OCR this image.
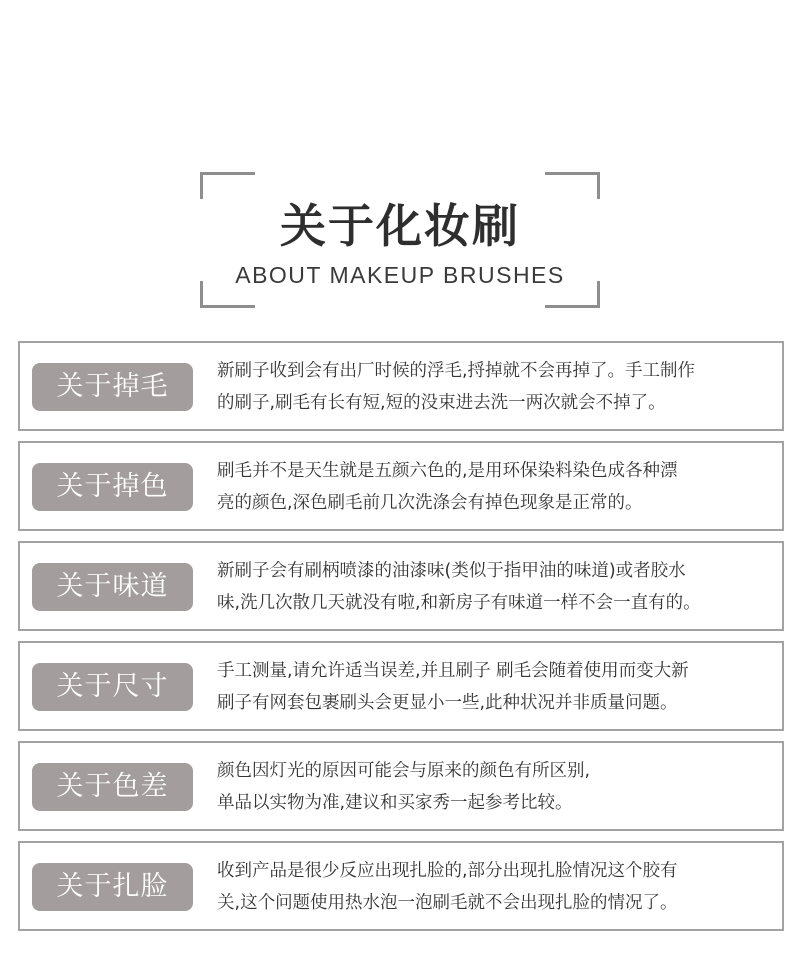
关于化妆刷
ABOUT MAKEUP BRUSHES
关于掉毛	新刷子收到会有出厂时候的浮毛,捋掉就不会再掉了。手工制作
的刷子,刷毛有长有短,短的没束进去洗一两次就会不掉了。
关于掉色	刷毛并不是天生就是五颜六色的,是用环保染料染色成各种漂
亮的颜色,深色刷毛前几次洗涤会有掉色现象是正常的。
关于味道	新刷子会有刷柄喷漆的油漆味(类似于指甲油的味道)或者胶水
味,洗几次散几天就没有啦,和新房子有味道一样不会一直有的。
关于尺寸	手工测量,请允许适当误差,并且刷子 刷毛会随着使用而变大新
刷子有网套包裹刷头会更显小一些,此种状况并非质量问题。
关于色差	颜色因灯光的原因可能会与原来的颜色有所区别,
单品以实物为准,建议和买家秀一起参考比较。
关于扎脸	收到产品是很少反应出现扎脸的,部分出现扎脸情况这个胶有
关,这个问题使用热水泡一泡刷毛就不会出现扎脸的情况了。
